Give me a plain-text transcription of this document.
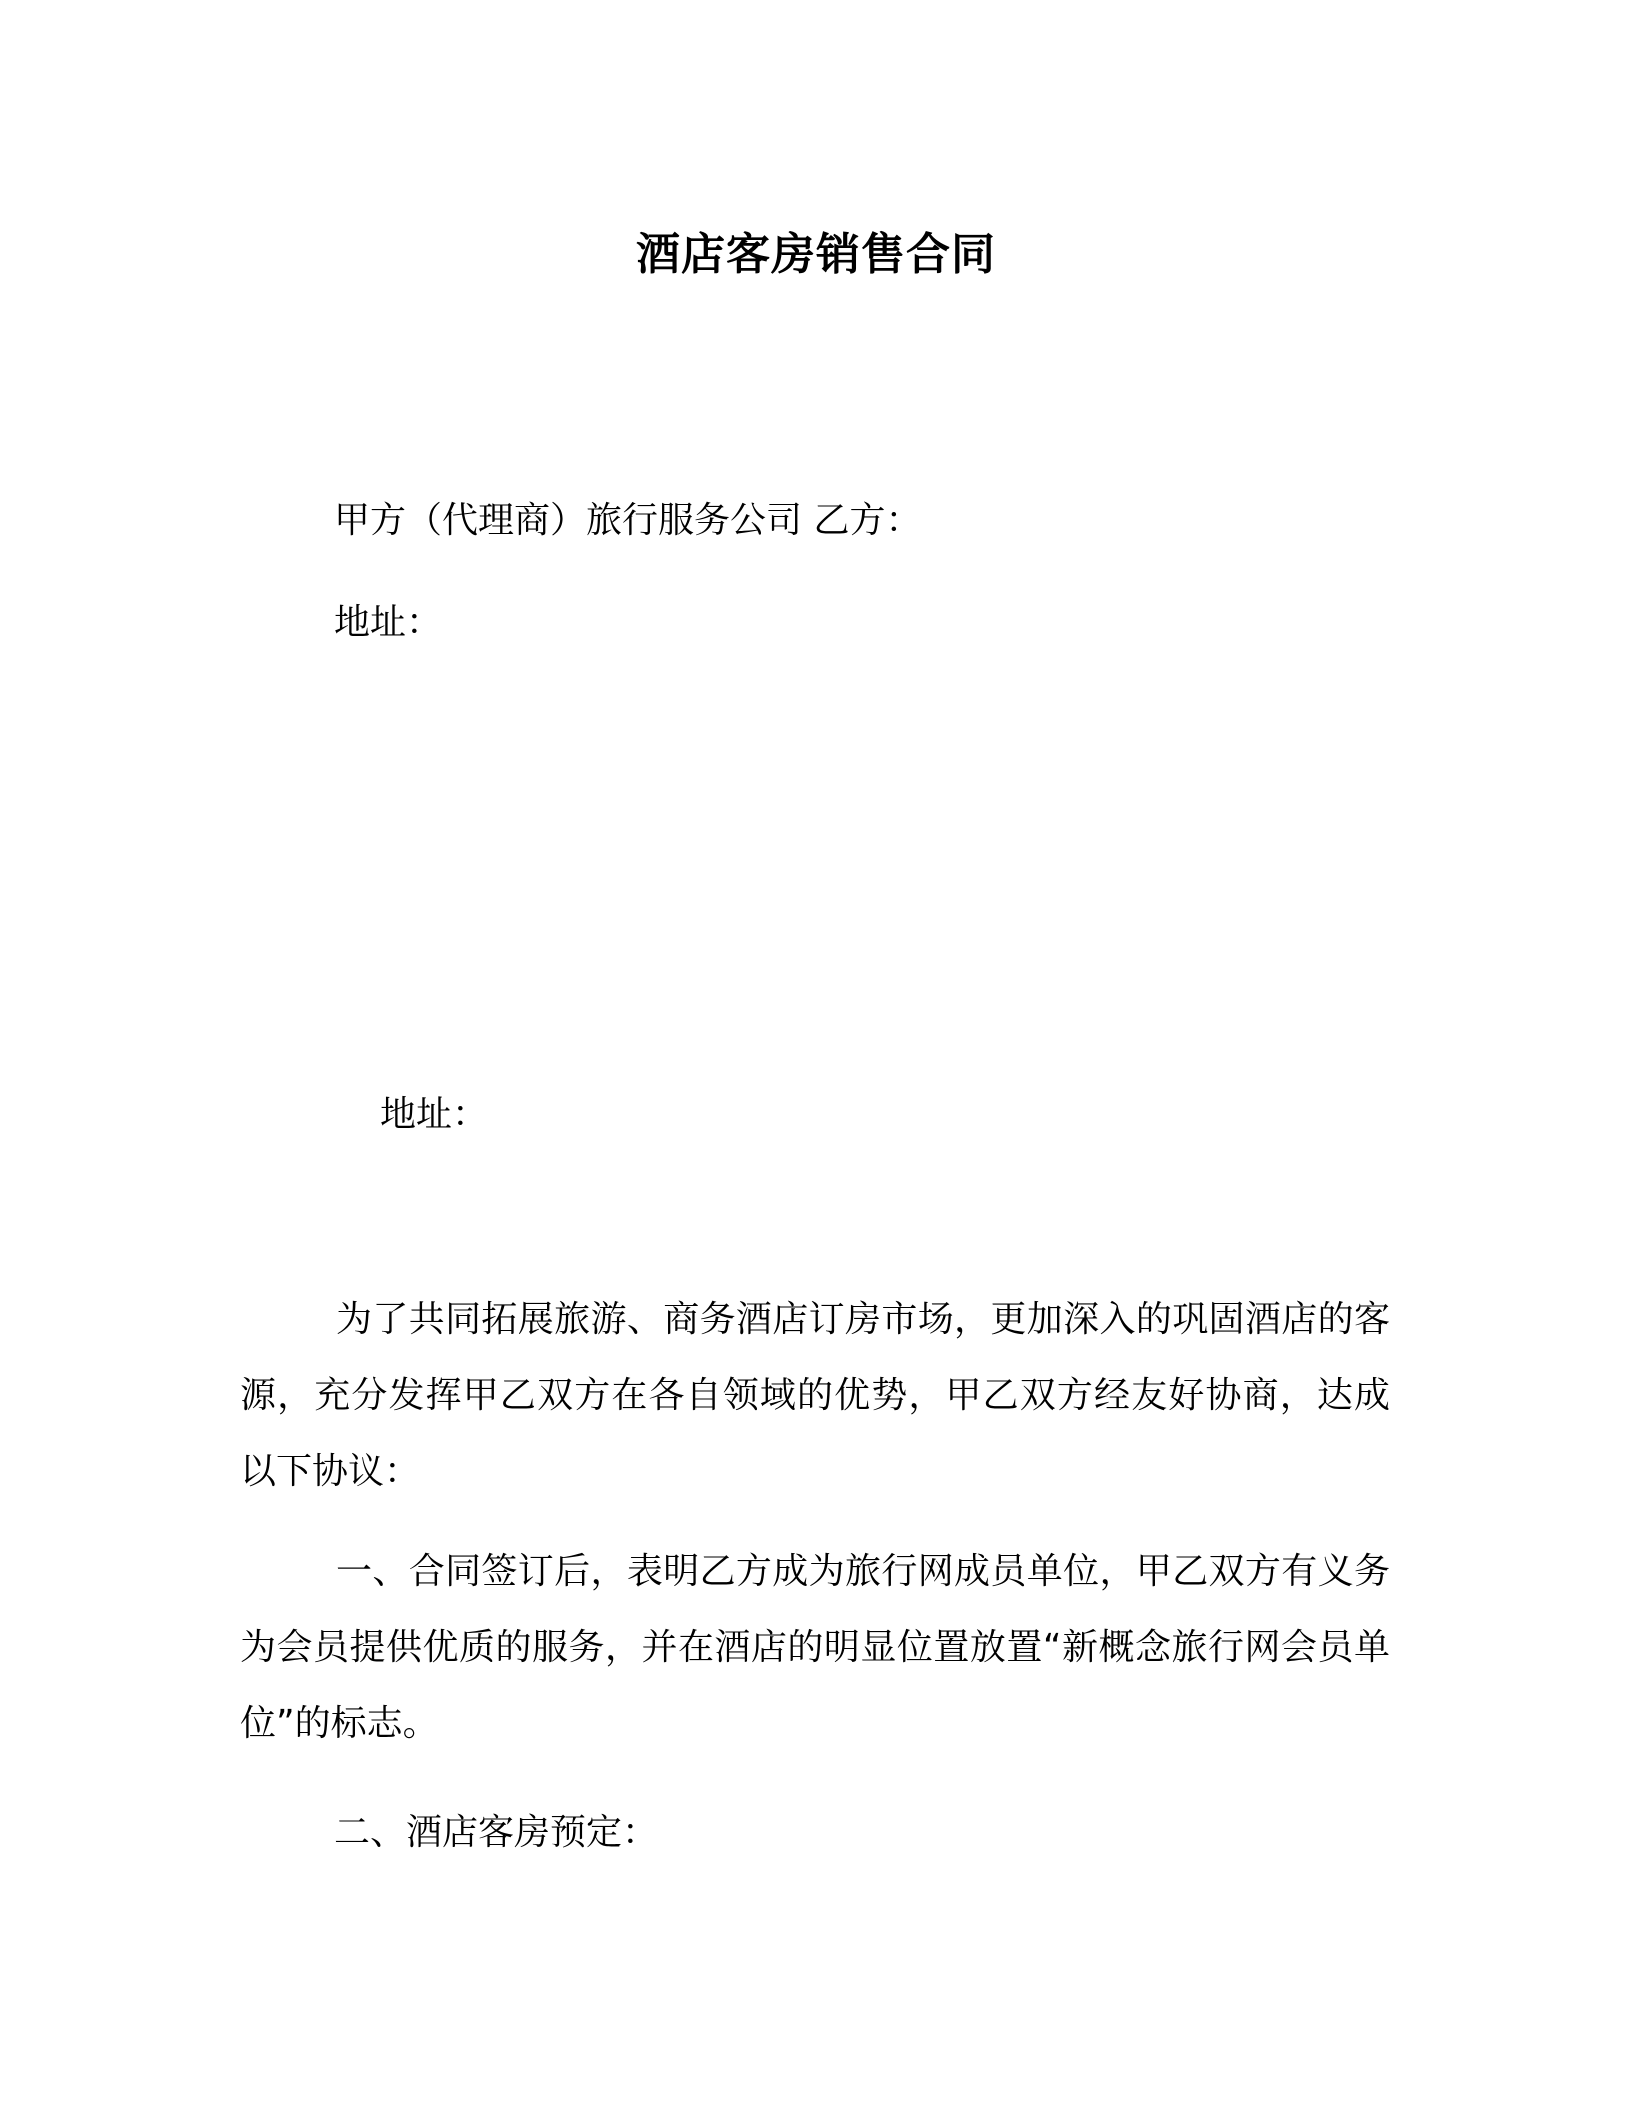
酒店客房销售合同
甲方（代理商）旅行服务公司 乙方：
地址：
地址：
为了共同拓展旅游、商务酒店订房市场，更加深入的巩固酒店的客源，充分发挥甲乙双方在各自领域的优势，甲乙双方经友好协商，达成以下协议：
一、合同签订后，表明乙方成为旅行网成员单位，甲乙双方有义务为会员提供优质的服务，并在酒店的明显位置放置“新概念旅行网会员单位”的标志。
二、酒店客房预定：
